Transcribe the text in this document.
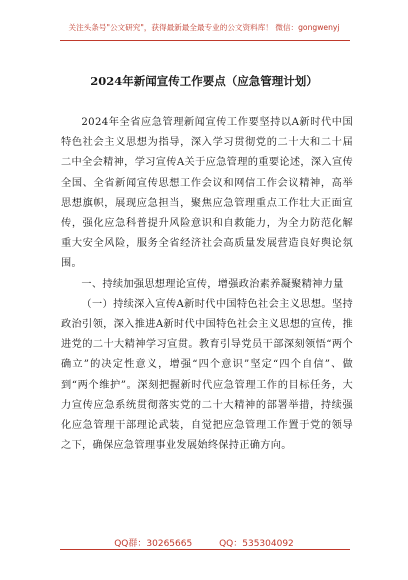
关注头条号"公文研究"，获得最新最全最专业的公文资料库！ 微信：gongwenyj
2024年新闻宣传工作要点（应急管理计划）

2024年全省应急管理新闻宣传工作要坚持以A新时代中国特色社会主义思想为指导，深入学习贯彻党的二十大和二十届二中全会精神，学习宣传A关于应急管理的重要论述，深入宣传全国、全省新闻宣传思想工作会议和网信工作会议精神，高举思想旗帜，展现应急担当，聚焦应急管理重点工作壮大正面宣传，强化应急科普提升风险意识和自救能力，为全力防范化解重大安全风险，服务全省经济社会高质量发展营造良好舆论氛围。

一、持续加强思想理论宣传，增强政治素养凝聚精神力量

（一）持续深入宣传A新时代中国特色社会主义思想。坚持政治引领，深入推进A新时代中国特色社会主义思想的宣传，推进党的二十大精神学习宣贯。教育引导党员干部深刻领悟“两个确立”的决定性意义，增强“四个意识”坚定“四个自信”、做到“两个维护”。深刻把握新时代应急管理工作的目标任务，大力宣传应急系统贯彻落实党的二十大精神的部署举措，持续强化应急管理干部理论武装，自觉把应急管理工作置于党的领导之下，确保应急管理事业发展始终保持正确方向。

QQ群：30265665	QQ：535304092
